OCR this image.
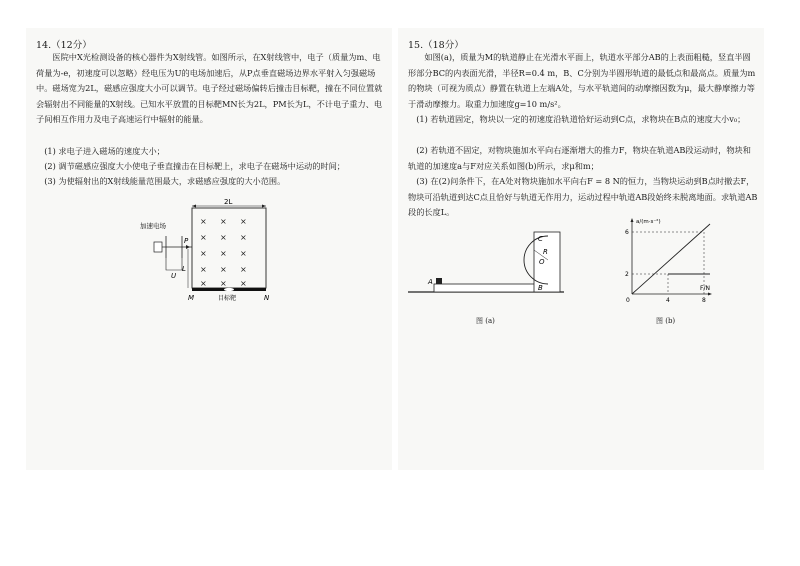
14.（12分）

医院中X光检测设备的核心器件为X射线管。如图所示，在X射线管中，电子（质量为m、电荷量为-e，初速度可以忽略）经电压为U的电场加速后，从P点垂直磁场边界水平射入匀强磁场中。磁场宽为2L，磁感应强度大小可以调节。电子经过磁场偏转后撞击目标靶，撞在不同位置就会辐射出不同能量的X射线。已知水平放置的目标靶MN长为2L，PM长为L，不计电子重力、电子间相互作用力及电子高速运行中辐射的能量。

(1) 求电子进入磁场的速度大小；

(2) 调节磁感应强度大小使电子垂直撞击在目标靶上，求电子在磁场中运动的时间；

(3) 为使辐射出的X射线能量范围最大，求磁感应强度的大小范围。

2L
× × ×
× × ×
× × ×
× × ×
× × ×
加速电场
U
P
L
M	N
目标靶
15.（18分）

如图(a)，质量为M的轨道静止在光滑水平面上，轨道水平部分AB的上表面粗糙，竖直半圆形部分BC的内表面光滑，半径R=0.4 m，B、C分别为半圆形轨道的最低点和最高点。质量为m的物块（可视为质点）静置在轨道上左端A处，与水平轨道间的动摩擦因数为μ，最大静摩擦力等于滑动摩擦力。取重力加速度g=10 m/s²。

(1) 若轨道固定，物块以一定的初速度沿轨道恰好运动到C点，求物块在B点的速度大小v₀；

(2) 若轨道不固定，对物块施加水平向右逐渐增大的推力F，物块在轨道AB段运动时，物块和轨道的加速度a与F对应关系如图(b)所示，求μ和m；

(3) 在(2)问条件下，在A处对物块施加水平向右F = 8 N的恒力，当物块运动到B点时撤去F，物块可沿轨道到达C点且恰好与轨道无作用力，运动过程中轨道AB段始终未脱离地面。求轨道AB段的长度L。

A
B
C
O
R
图 (a)
a/(m·s⁻²)
F/N
0
2
6
4	8
图 (b)
